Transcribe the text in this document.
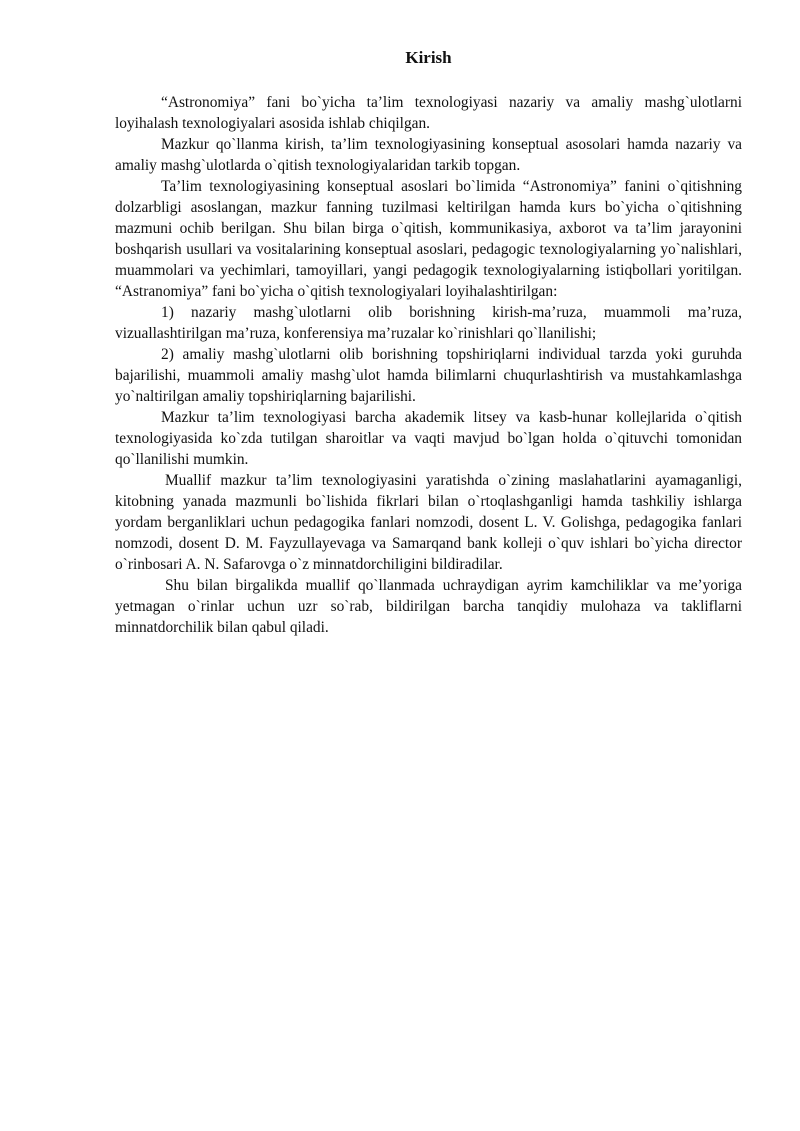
Kirish

“Astronomiya” fani bo`yicha ta’lim texnologiyasi nazariy va amaliy mashg`ulotlarni loyihalash texnologiyalari asosida ishlab chiqilgan.

Mazkur qo`llanma kirish, ta’lim texnologiyasining konseptual asosolari hamda nazariy va amaliy mashg`ulotlarda o`qitish texnologiyalaridan tarkib topgan.

Ta’lim texnologiyasining konseptual asoslari bo`limida “Astronomiya” fanini o`qitishning dolzarbligi asoslangan, mazkur fanning tuzilmasi keltirilgan hamda kurs bo`yicha o`qitishning mazmuni ochib berilgan. Shu bilan birga o`qitish, kommunikasiya, axborot va ta’lim jarayonini boshqarish usullari va vositalarining konseptual asoslari, pedagogic texnologiyalarning yo`nalishlari, muammolari va yechimlari, tamoyillari, yangi pedagogik texnologiyalarning istiqbollari yoritilgan. “Astranomiya” fani bo`yicha o`qitish texnologiyalari loyihalashtirilgan:

1) nazariy mashg`ulotlarni olib borishning kirish-ma’ruza, muammoli ma’ruza, vizuallashtirilgan ma’ruza, konferensiya ma’ruzalar ko`rinishlari qo`llanilishi;

2) amaliy mashg`ulotlarni olib borishning topshiriqlarni individual tarzda yoki guruhda bajarilishi, muammoli amaliy mashg`ulot hamda bilimlarni chuqurlashtirish va mustahkamlashga yo`naltirilgan amaliy topshiriqlarning bajarilishi.

Mazkur ta’lim texnologiyasi barcha akademik litsey va kasb-hunar kollejlarida o`qitish texnologiyasida ko`zda tutilgan sharoitlar va vaqti mavjud bo`lgan holda o`qituvchi tomonidan qo`llanilishi mumkin.

Muallif mazkur ta’lim texnologiyasini yaratishda o`zining maslahatlarini ayamaganligi, kitobning yanada mazmunli bo`lishida fikrlari bilan o`rtoqlashganligi hamda tashkiliy ishlarga yordam berganliklari uchun pedagogika fanlari nomzodi, dosent L. V. Golishga, pedagogika fanlari nomzodi, dosent D. M. Fayzullayevaga va Samarqand bank kolleji o`quv ishlari bo`yicha director o`rinbosari A. N. Safarovga o`z minnatdorchiligini bildiradilar.

Shu bilan birgalikda muallif qo`llanmada uchraydigan ayrim kamchiliklar va me’yoriga yetmagan o`rinlar uchun uzr so`rab, bildirilgan barcha tanqidiy mulohaza va takliflarni minnatdorchilik bilan qabul qiladi.
